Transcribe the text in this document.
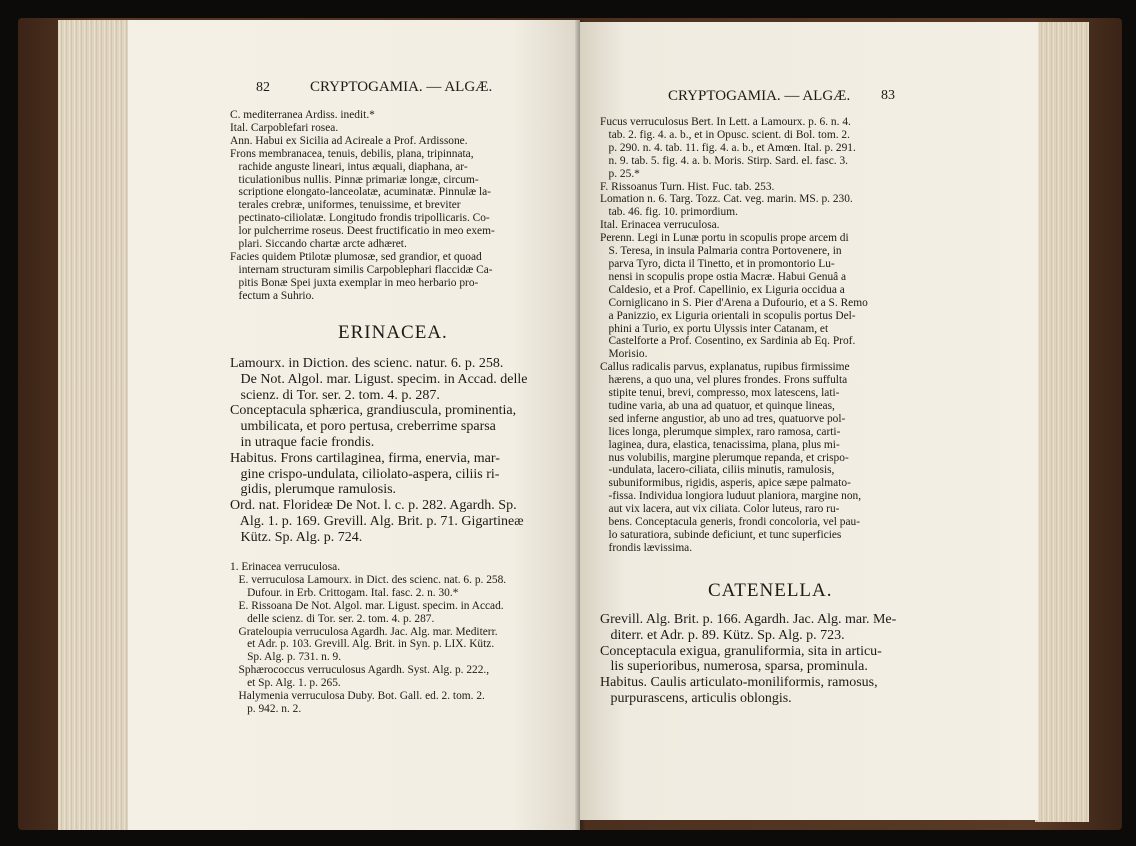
82	CRYPTOGAMIA. — ALGÆ.
C. mediterranea Ardiss. inedit.*
Ital. Carpoblefari rosea.
Ann. Habui ex Sicilia ad Acireale a Prof. Ardissone.
Frons membranacea, tenuis, debilis, plana, tripinnata,
rachide anguste lineari, intus æquali, diaphana, ar-
ticulationibus nullis. Pinnæ primariæ longæ, circum-
scriptione elongato-lanceolatæ, acuminatæ. Pinnulæ la-
terales crebræ, uniformes, tenuissime, et breviter
pectinato-ciliolatæ. Longitudo frondis tripollicaris. Co-
lor pulcherrime roseus. Deest fructificatio in meo exem-
plari. Siccando chartæ arcte adhæret.
Facies quidem Ptilotæ plumosæ, sed grandior, et quoad
internam structuram similis Carpoblephari flaccidæ Ca-
pitis Bonæ Spei juxta exemplar in meo herbario pro-
fectum a Suhrio.
ERINACEA.
Lamourx. in Diction. des scienc. natur. 6. p. 258.
De Not. Algol. mar. Ligust. specim. in Accad. delle
scienz. di Tor. ser. 2. tom. 4. p. 287.
Conceptacula sphærica, grandiuscula, prominentia,
umbilicata, et poro pertusa, creberrime sparsa
in utraque facie frondis.
Habitus. Frons cartilaginea, firma, enervia, mar-
gine crispo-undulata, ciliolato-aspera, ciliis ri-
gidis, plerumque ramulosis.
Ord. nat. Florideæ De Not. l. c. p. 282. Agardh. Sp.
Alg. 1. p. 169. Grevill. Alg. Brit. p. 71. Gigartineæ
Kütz. Sp. Alg. p. 724.
1. Erinacea verruculosa.
E. verruculosa Lamourx. in Dict. des scienc. nat. 6. p. 258.
Dufour. in Erb. Crittogam. Ital. fasc. 2. n. 30.*
E. Rissoana De Not. Algol. mar. Ligust. specim. in Accad.
delle scienz. di Tor. ser. 2. tom. 4. p. 287.
Grateloupia verruculosa Agardh. Jac. Alg. mar. Mediterr.
et Adr. p. 103. Grevill. Alg. Brit. in Syn. p. LIX. Kütz.
Sp. Alg. p. 731. n. 9.
Sphærococcus verruculosus Agardh. Syst. Alg. p. 222.,
et Sp. Alg. 1. p. 265.
Halymenia verruculosa Duby. Bot. Gall. ed. 2. tom. 2.
p. 942. n. 2.
CRYPTOGAMIA. — ALGÆ. 83
Fucus verruculosus Bert. In Lett. a Lamourx. p. 6. n. 4.
tab. 2. fig. 4. a. b., et in Opusc. scient. di Bol. tom. 2.
p. 290. n. 4. tab. 11. fig. 4. a. b., et Amœn. Ital. p. 291.
n. 9. tab. 5. fig. 4. a. b. Moris. Stirp. Sard. el. fasc. 3.
p. 25.*
F. Rissoanus Turn. Hist. Fuc. tab. 253.
Lomation n. 6. Targ. Tozz. Cat. veg. marin. MS. p. 230.
tab. 46. fig. 10. primordium.
Ital. Erinacea verruculosa.
Perenn. Legi in Lunæ portu in scopulis prope arcem di
S. Teresa, in insula Palmaria contra Portovenere, in
parva Tyro, dicta il Tinetto, et in promontorio Lu-
nensi in scopulis prope ostia Macræ. Habui Genuâ a
Caldesio, et a Prof. Capellinio, ex Liguria occidua a
Corniglicano in S. Pier d'Arena a Dufourio, et a S. Remo
a Panizzio, ex Liguria orientali in scopulis portus Del-
phini a Turio, ex portu Ulyssis inter Catanam, et
Castelforte a Prof. Cosentino, ex Sardinia ab Eq. Prof.
Morisio.
Callus radicalis parvus, explanatus, rupibus firmissime
hærens, a quo una, vel plures frondes. Frons suffulta
stipite tenui, brevi, compresso, mox latescens, lati-
tudine varia, ab una ad quatuor, et quinque lineas,
sed inferne angustior, ab uno ad tres, quatuorve pol-
lices longa, plerumque simplex, raro ramosa, carti-
laginea, dura, elastica, tenacissima, plana, plus mi-
nus volubilis, margine plerumque repanda, et crispo-
-undulata, lacero-ciliata, ciliis minutis, ramulosis,
subuniformibus, rigidis, asperis, apice sæpe palmato-
-fissa. Individua longiora luduut planiora, margine non,
aut vix lacera, aut vix ciliata. Color luteus, raro ru-
bens. Conceptacula generis, frondi concoloria, vel pau-
lo saturatiora, subinde deficiunt, et tunc superficies
frondis lævissima.
CATENELLA.
Grevill. Alg. Brit. p. 166. Agardh. Jac. Alg. mar. Me-
diterr. et Adr. p. 89. Kütz. Sp. Alg. p. 723.
Conceptacula exigua, granuliformia, sita in articu-
lis superioribus, numerosa, sparsa, prominula.
Habitus. Caulis articulato-moniliformis, ramosus,
purpurascens, articulis oblongis.
